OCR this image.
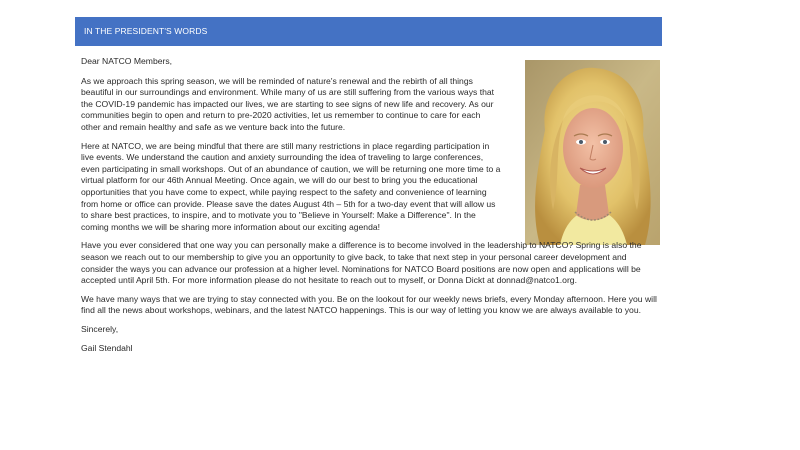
IN THE PRESIDENT'S WORDS

Dear NATCO Members,

As we approach this spring season, we will be reminded of nature's renewal and the rebirth of all things beautiful in our surroundings and environment. While many of us are still suffering from the various ways that the COVID-19 pandemic has impacted our lives, we are starting to see signs of new life and recovery. As our communities begin to open and return to pre-2020 activities, let us remember to continue to care for each other and remain healthy and safe as we venture back into the future.

Here at NATCO, we are being mindful that there are still many restrictions in place regarding participation in live events. We understand the caution and anxiety surrounding the idea of traveling to large conferences, even participating in small workshops. Out of an abundance of caution, we will be returning one more time to a virtual platform for our 46th Annual Meeting. Once again, we will do our best to bring you the educational opportunities that you have come to expect, while paying respect to the safety and convenience of learning from home or office can provide. Please save the dates August 4th – 5th for a two-day event that will allow us to share best practices, to inspire, and to motivate you to "Believe in Yourself: Make a Difference". In the coming months we will be sharing more information about our exciting agenda!

Have you ever considered that one way you can personally make a difference is to become involved in the leadership to NATCO? Spring is also the season we reach out to our membership to give you an opportunity to give back, to take that next step in your personal career development and consider the ways you can advance our profession at a higher level. Nominations for NATCO Board positions are now open and applications will be accepted until April 5th. For more information please do not hesitate to reach out to myself, or Donna Dickt at donnad@natco1.org.

We have many ways that we are trying to stay connected with you. Be on the lookout for our weekly news briefs, every Monday afternoon. Here you will find all the news about workshops, webinars, and the latest NATCO happenings. This is our way of letting you know we are always available to you.

Sincerely,

Gail Stendahl
